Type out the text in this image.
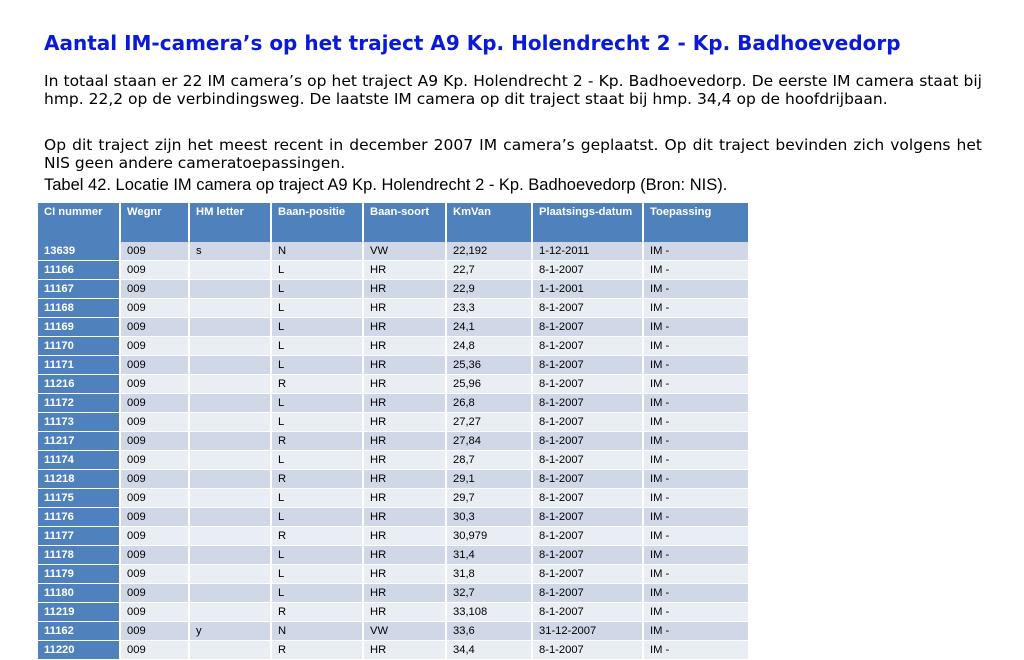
Aantal IM-camera’s op het traject A9 Kp. Holendrecht 2 - Kp. Badhoevedorp
In totaal staan er 22 IM camera’s op het traject A9 Kp. Holendrecht 2 - Kp. Badhoevedorp. De eerste IM camera staat bij hmp. 22,2 op de verbindingsweg. De laatste IM camera op dit traject staat bij hmp. 34,4 op de hoofdrijbaan.
Op dit traject zijn het meest recent in december 2007 IM camera’s geplaatst. Op dit traject bevinden zich volgens het NIS geen andere cameratoepassingen.
Tabel 42. Locatie IM camera op traject A9 Kp. Holendrecht 2 - Kp. Badhoevedorp (Bron: NIS).
CI nummer	Wegnr	HM letter	Baan-positie	Baan-soort	KmVan	Plaatsings-datum	Toepassing
13639	009	s	N	VW	22,192	1-12-2011	IM -
11166	009		L	HR	22,7	8-1-2007	IM -
11167	009		L	HR	22,9	1-1-2001	IM -
11168	009		L	HR	23,3	8-1-2007	IM -
11169	009		L	HR	24,1	8-1-2007	IM -
11170	009		L	HR	24,8	8-1-2007	IM -
11171	009		L	HR	25,36	8-1-2007	IM -
11216	009		R	HR	25,96	8-1-2007	IM -
11172	009		L	HR	26,8	8-1-2007	IM -
11173	009		L	HR	27,27	8-1-2007	IM -
11217	009		R	HR	27,84	8-1-2007	IM -
11174	009		L	HR	28,7	8-1-2007	IM -
11218	009		R	HR	29,1	8-1-2007	IM -
11175	009		L	HR	29,7	8-1-2007	IM -
11176	009		L	HR	30,3	8-1-2007	IM -
11177	009		R	HR	30,979	8-1-2007	IM -
11178	009		L	HR	31,4	8-1-2007	IM -
11179	009		L	HR	31,8	8-1-2007	IM -
11180	009		L	HR	32,7	8-1-2007	IM -
11219	009		R	HR	33,108	8-1-2007	IM -
11162	009	y	N	VW	33,6	31-12-2007	IM -
11220	009		R	HR	34,4	8-1-2007	IM -
